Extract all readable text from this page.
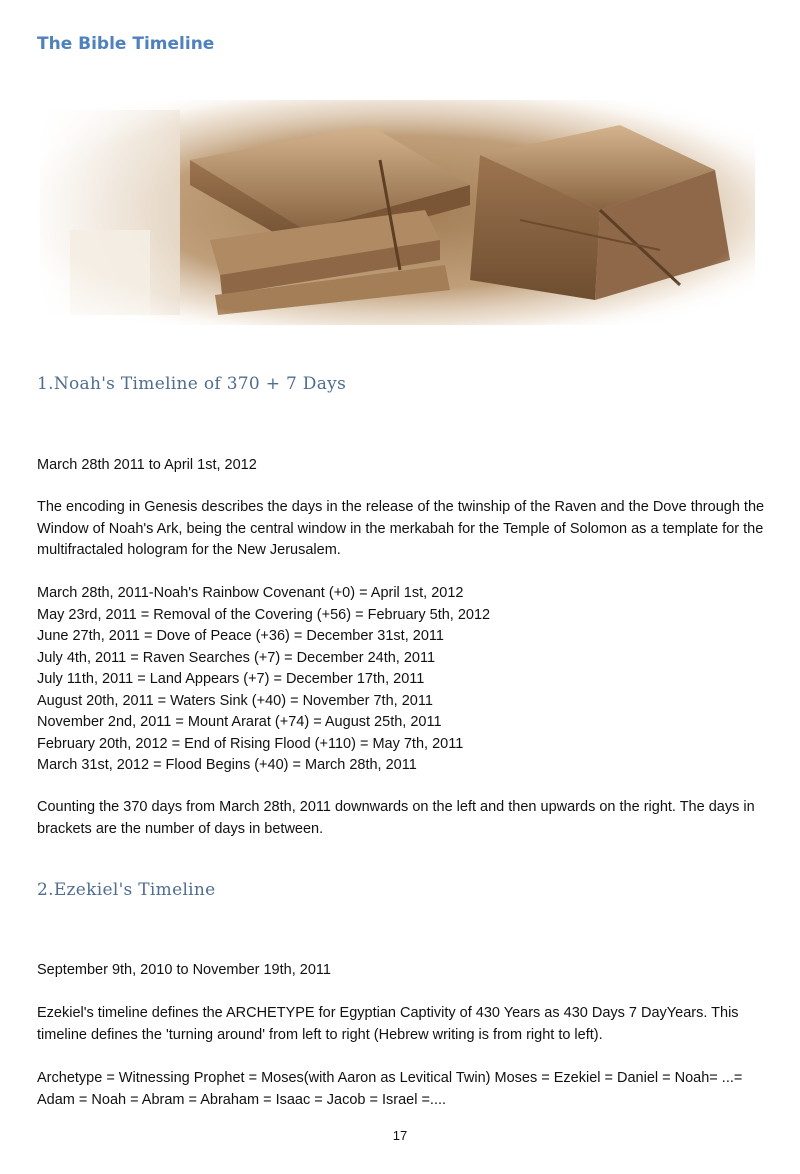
The Bible Timeline
1.Noah's Timeline of 370 + 7 Days

March 28th 2011 to April 1st, 2012

The encoding in Genesis describes the days in the release of the twinship of the Raven and the Dove through the Window of Noah's Ark, being the central window in the merkabah for the Temple of Solomon as a template for the multifractaled hologram for the New Jerusalem.

March 28th, 2011-Noah's Rainbow Covenant (+0) = April 1st, 2012
May 23rd, 2011 = Removal of the Covering (+56) = February 5th, 2012
June 27th, 2011 = Dove of Peace (+36) = December 31st, 2011
July 4th, 2011 = Raven Searches (+7) = December 24th, 2011
July 11th, 2011 = Land Appears (+7) = December 17th, 2011
August 20th, 2011 = Waters Sink (+40) = November 7th, 2011
November 2nd, 2011 = Mount Ararat (+74) = August 25th, 2011
February 20th, 2012 = End of Rising Flood (+110) = May 7th, 2011
March 31st, 2012 = Flood Begins (+40) = March 28th, 2011

Counting the 370 days from March 28th, 2011 downwards on the left and then upwards on the right. The days in brackets are the number of days in between.

2.Ezekiel's Timeline

September 9th, 2010 to November 19th, 2011

Ezekiel's timeline defines the ARCHETYPE for Egyptian Captivity of 430 Years as 430 Days 7 DayYears. This timeline defines the 'turning around' from left to right (Hebrew writing is from right to left).

Archetype = Witnessing Prophet = Moses(with Aaron as Levitical Twin) Moses = Ezekiel = Daniel = Noah= ...= Adam = Noah = Abram = Abraham = Isaac = Jacob = Israel =....

17
